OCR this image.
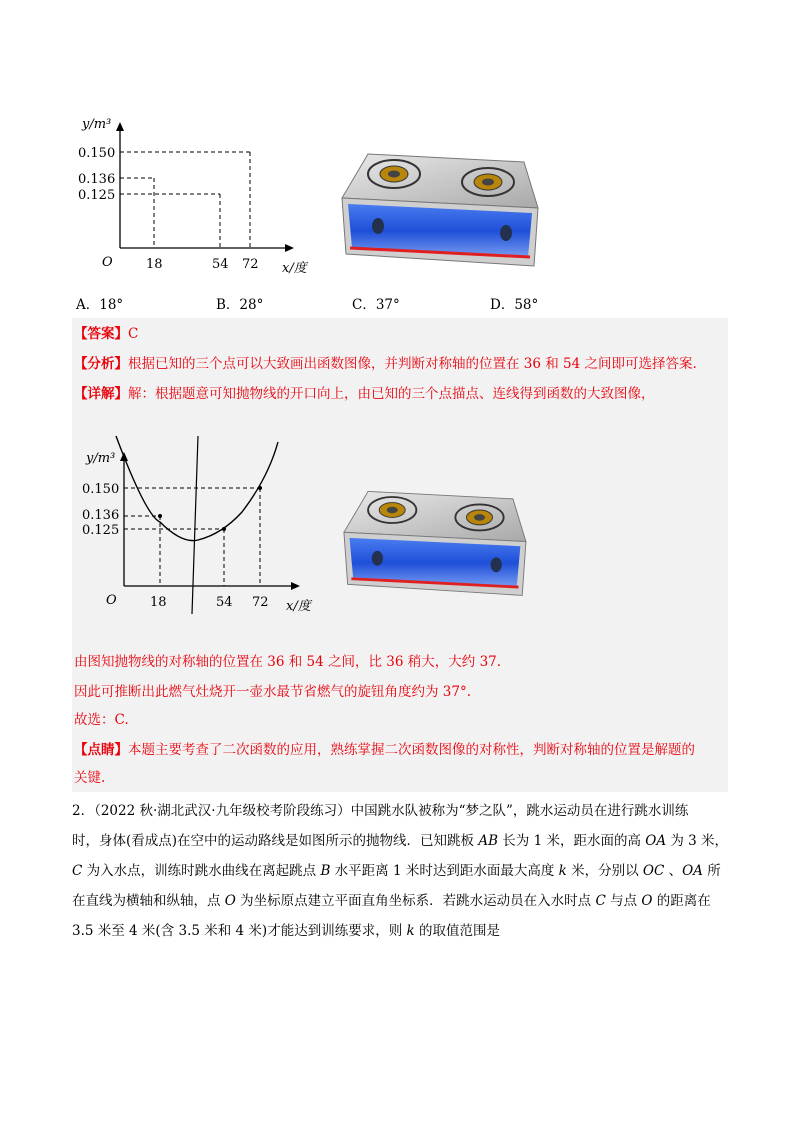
y/m³
0.150
0.136
0.125
O	18	54 72 x/度
A．18°	B．28°	C．37°	D．58°
【答案】C
【分析】根据已知的三个点可以大致画出函数图像，并判断对称轴的位置在 36 和 54 之间即可选择答案.
【详解】解：根据题意可知抛物线的开口向上，由已知的三个点描点、连线得到函数的大致图像，
y/m³
0.150
0.136
0.125
O	18	54 72 x/度
由图知抛物线的对称轴的位置在 36 和 54 之间，比 36 稍大，大约 37.
因此可推断出此燃气灶烧开一壶水最节省燃气的旋钮角度约为 37°.
故选：C.
【点睛】本题主要考查了二次函数的应用，熟练掌握二次函数图像的对称性，判断对称轴的位置是解题的
关键.

2．（2022 秋·湖北武汉·九年级校考阶段练习）中国跳水队被称为“梦之队”，跳水运动员在进行跳水训练

时，身体(看成点)在空中的运动路线是如图所示的抛物线．已知跳板 AB 长为 1 米，距水面的高 OA 为 3 米，

C 为入水点，训练时跳水曲线在离起跳点 B 水平距离 1 米时达到距水面最大高度 k 米，分别以 OC 、OA 所

在直线为横轴和纵轴，点 O 为坐标原点建立平面直角坐标系．若跳水运动员在入水时点 C 与点 O 的距离在

3.5 米至 4 米(含 3.5 米和 4 米)才能达到训练要求，则 k 的取值范围是
